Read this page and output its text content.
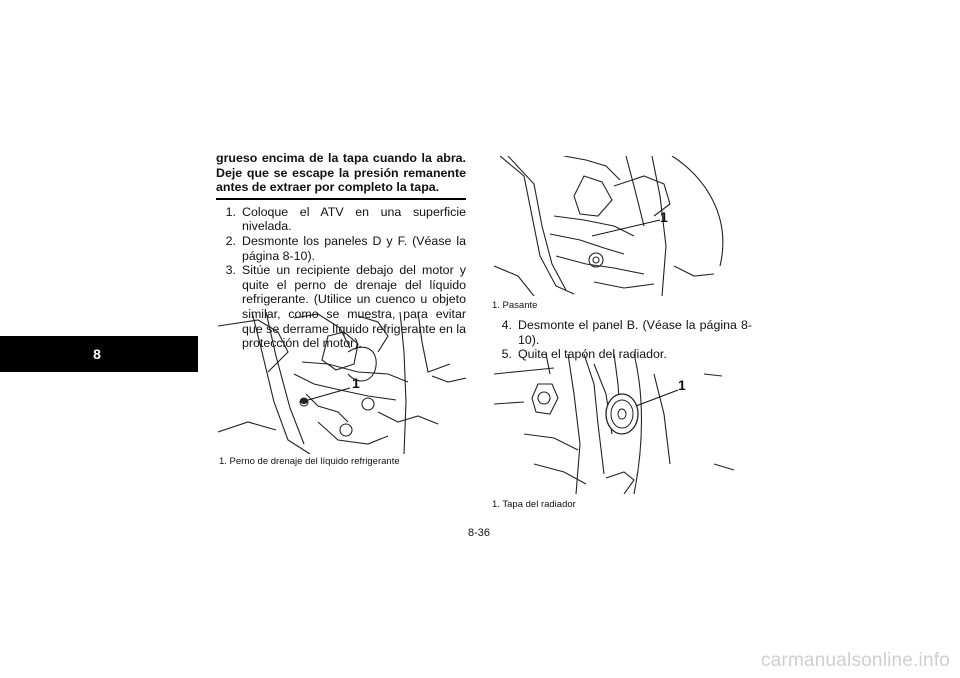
8

grueso encima de la tapa cuando la abra. Deje que se escape la presión remanente antes de extraer por completo la tapa.

1. Coloque el ATV en una superficie nivelada.
2. Desmonte los paneles D y F. (Véase la página 8-10).
3. Sitúe un recipiente debajo del motor y quite el perno de drenaje del líquido refrigerante. (Utilice un cuenco u objeto similar, como se muestra, para evitar que se derrame líquido refrigerante en la protección del motor).
1
1. Perno de drenaje del líquido refrigerante
1
1. Pasante
4. Desmonte el panel B. (Véase la página 8-10).
5. Quite el tapón del radiador.
1
1. Tapa del radiador
8-36
carmanualsonline.info
